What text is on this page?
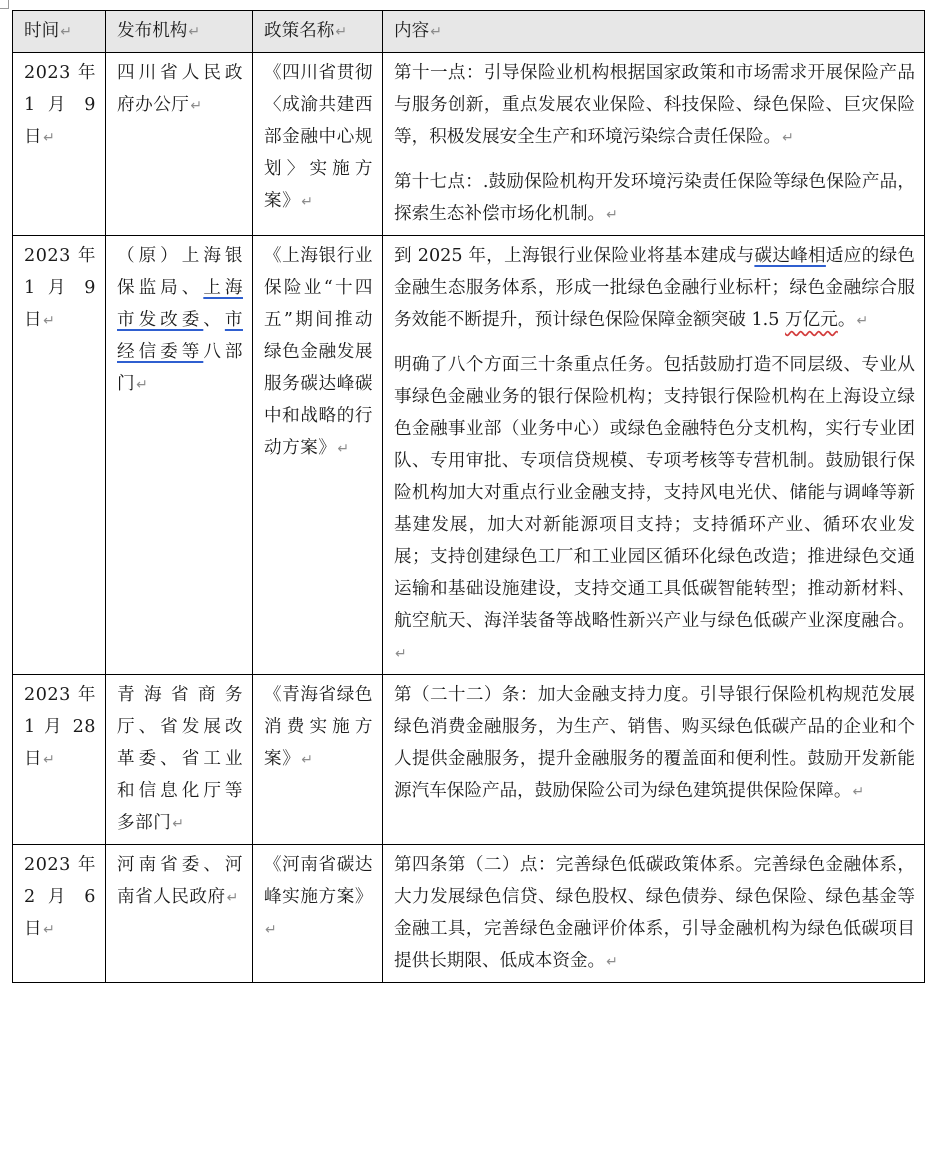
时间↵	发布机构↵	政策名称↵	内容↵
2023 年 1 月 9 日↵	四川省人民政府办公厅↵	《四川省贯彻〈成渝共建西部金融中心规划〉实施方案》↵	第十一点：引导保险业机构根据国家政策和市场需求开展保险产品与服务创新，重点发展农业保险、科技保险、绿色保险、巨灾保险等，积极发展安全生产和环境污染综合责任保险。↵

第十七点：.鼓励保险机构开发环境污染责任保险等绿色保险产品，探索生态补偿市场化机制。↵

2023 年 1 月 9 日↵	（原）上海银保监局、上海市发改委、市经信委等八部门↵	《上海银行业保险业“十四五”期间推动绿色金融发展服务碳达峰碳中和战略的行动方案》↵	到 2025 年，上海银行业保险业将基本建成与碳达峰相适应的绿色金融生态服务体系，形成一批绿色金融行业标杆；绿色金融综合服务效能不断提升，预计绿色保险保障金额突破 1.5 万亿元。↵

明确了八个方面三十条重点任务。包括鼓励打造不同层级、专业从事绿色金融业务的银行保险机构；支持银行保险机构在上海设立绿色金融事业部（业务中心）或绿色金融特色分支机构，实行专业团队、专用审批、专项信贷规模、专项考核等专营机制。鼓励银行保险机构加大对重点行业金融支持，支持风电光伏、储能与调峰等新基建发展，加大对新能源项目支持；支持循环产业、循环农业发展；支持创建绿色工厂和工业园区循环化绿色改造；推进绿色交通运输和基础设施建设，支持交通工具低碳智能转型；推动新材料、航空航天、海洋装备等战略性新兴产业与绿色低碳产业深度融合。↵

2023 年 1 月 28 日↵	青海省商务厅、省发展改革委、省工业和信息化厅等多部门↵	《青海省绿色消费实施方案》↵	第（二十二）条：加大金融支持力度。引导银行保险机构规范发展绿色消费金融服务，为生产、销售、购买绿色低碳产品的企业和个人提供金融服务，提升金融服务的覆盖面和便利性。鼓励开发新能源汽车保险产品，鼓励保险公司为绿色建筑提供保险保障。↵

2023 年 2 月 6 日↵	河南省委、河南省人民政府↵	《河南省碳达峰实施方案》↵	第四条第（二）点：完善绿色低碳政策体系。完善绿色金融体系，大力发展绿色信贷、绿色股权、绿色债券、绿色保险、绿色基金等金融工具，完善绿色金融评价体系，引导金融机构为绿色低碳项目提供长期限、低成本资金。↵
